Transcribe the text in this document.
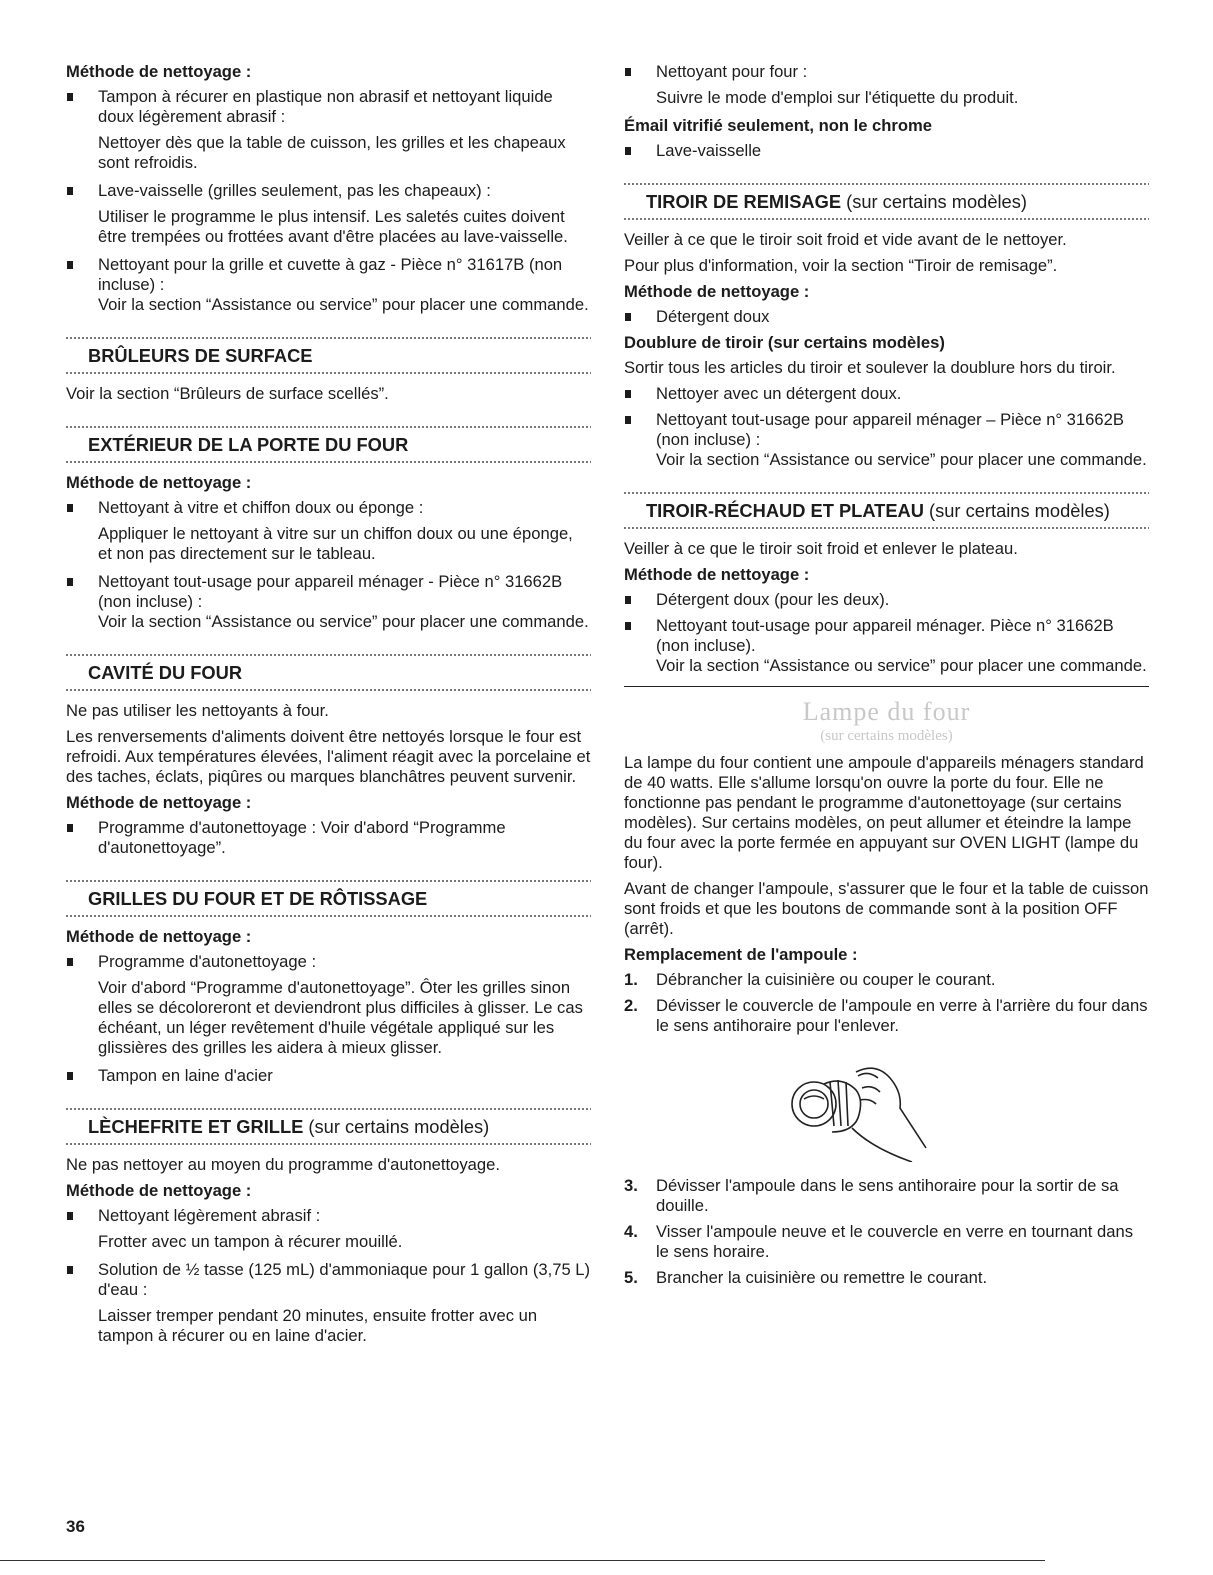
Méthode de nettoyage :
Tampon à récurer en plastique non abrasif et nettoyant liquide doux légèrement abrasif :

Nettoyer dès que la table de cuisson, les grilles et les chapeaux sont refroidis.

Lave-vaisselle (grilles seulement, pas les chapeaux) :

Utiliser le programme le plus intensif. Les saletés cuites doivent être trempées ou frottées avant d'être placées au lave-vaisselle.

Nettoyant pour la grille et cuvette à gaz - Pièce n° 31617B (non incluse) :

Voir la section “Assistance ou service” pour placer une commande.

BRÛLEURS DE SURFACE

Voir la section “Brûleurs de surface scellés”.

EXTÉRIEUR DE LA PORTE DU FOUR
Méthode de nettoyage :
Nettoyant à vitre et chiffon doux ou éponge :

Appliquer le nettoyant à vitre sur un chiffon doux ou une éponge, et non pas directement sur le tableau.

Nettoyant tout-usage pour appareil ménager - Pièce n° 31662B (non incluse) :

Voir la section “Assistance ou service” pour placer une commande.

CAVITÉ DU FOUR

Ne pas utiliser les nettoyants à four.

Les renversements d'aliments doivent être nettoyés lorsque le four est refroidi. Aux températures élevées, l'aliment réagit avec la porcelaine et des taches, éclats, piqûres ou marques blanchâtres peuvent survenir.

Méthode de nettoyage :
Programme d'autonettoyage : Voir d'abord “Programme d'autonettoyage”.
GRILLES DU FOUR ET DE RÔTISSAGE
Méthode de nettoyage :
Programme d'autonettoyage :

Voir d'abord “Programme d'autonettoyage”. Ôter les grilles sinon elles se décoloreront et deviendront plus difficiles à glisser. Le cas échéant, un léger revêtement d'huile végétale appliqué sur les glissières des grilles les aidera à mieux glisser.

Tampon en laine d'acier
LÈCHEFRITE ET GRILLE (sur certains modèles)

Ne pas nettoyer au moyen du programme d'autonettoyage.

Méthode de nettoyage :
Nettoyant légèrement abrasif :

Frotter avec un tampon à récurer mouillé.

Solution de ½ tasse (125 mL) d'ammoniaque pour 1 gallon (3,75 L) d'eau :

Laisser tremper pendant 20 minutes, ensuite frotter avec un tampon à récurer ou en laine d'acier.

Nettoyant pour four :

Suivre le mode d'emploi sur l'étiquette du produit.

Émail vitrifié seulement, non le chrome
Lave-vaisselle
TIROIR DE REMISAGE (sur certains modèles)

Veiller à ce que le tiroir soit froid et vide avant de le nettoyer.

Pour plus d'information, voir la section “Tiroir de remisage”.

Méthode de nettoyage :
Détergent doux
Doublure de tiroir (sur certains modèles)

Sortir tous les articles du tiroir et soulever la doublure hors du tiroir.

Nettoyer avec un détergent doux.
Nettoyant tout-usage pour appareil ménager – Pièce n° 31662B (non incluse) :

Voir la section “Assistance ou service” pour placer une commande.

TIROIR-RÉCHAUD ET PLATEAU (sur certains modèles)

Veiller à ce que le tiroir soit froid et enlever le plateau.

Méthode de nettoyage :
Détergent doux (pour les deux).
Nettoyant tout-usage pour appareil ménager. Pièce n° 31662B (non incluse).

Voir la section “Assistance ou service” pour placer une commande.

Lampe du four
(sur certains modèles)

La lampe du four contient une ampoule d'appareils ménagers standard de 40 watts. Elle s'allume lorsqu'on ouvre la porte du four. Elle ne fonctionne pas pendant le programme d'autonettoyage (sur certains modèles). Sur certains modèles, on peut allumer et éteindre la lampe du four avec la porte fermée en appuyant sur OVEN LIGHT (lampe du four).

Avant de changer l'ampoule, s'assurer que le four et la table de cuisson sont froids et que les boutons de commande sont à la position OFF (arrêt).

Remplacement de l'ampoule :
1. Débrancher la cuisinière ou couper le courant.
2. Dévisser le couvercle de l'ampoule en verre à l'arrière du four dans le sens antihoraire pour l'enlever.
3. Dévisser l'ampoule dans le sens antihoraire pour la sortir de sa douille.
4. Visser l'ampoule neuve et le couvercle en verre en tournant dans le sens horaire.
5. Brancher la cuisinière ou remettre le courant.
36
